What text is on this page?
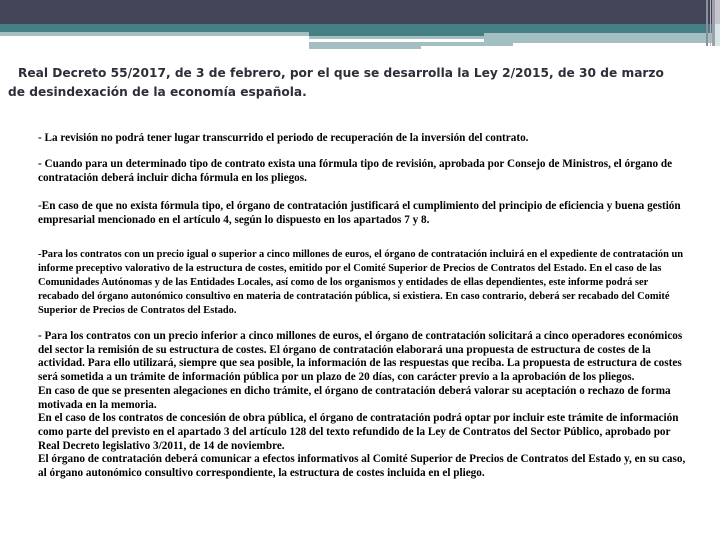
Real Decreto 55/2017, de 3 de febrero, por el que se desarrolla la Ley 2/2015, de 30 de marzo
de desindexación de la economía española.
- La revisión no podrá tener lugar transcurrido el periodo de recuperación de la inversión del contrato.
- Cuando para un determinado tipo de contrato exista una fórmula tipo de revisión, aprobada por Consejo de Ministros, el órgano de contratación deberá incluir dicha fórmula en los pliegos.
-En caso de que no exista fórmula tipo, el órgano de contratación justificará el cumplimiento del principio de eficiencia y buena gestión empresarial mencionado en el artículo 4, según lo dispuesto en los apartados 7 y 8.
-Para los contratos con un precio igual o superior a cinco millones de euros, el órgano de contratación incluirá en el expediente de contratación un informe preceptivo valorativo de la estructura de costes, emitido por el Comité Superior de Precios de Contratos del Estado. En el caso de las Comunidades Autónomas y de las Entidades Locales, así como de los organismos y entidades de ellas dependientes, este informe podrá ser recabado del órgano autonómico consultivo en materia de contratación pública, si existiera. En caso contrario, deberá ser recabado del Comité Superior de Precios de Contratos del Estado.
- Para los contratos con un precio inferior a cinco millones de euros, el órgano de contratación solicitará a cinco operadores económicos del sector la remisión de su estructura de costes. El órgano de contratación elaborará una propuesta de estructura de costes de la actividad. Para ello utilizará, siempre que sea posible, la información de las respuestas que reciba. La propuesta de estructura de costes será sometida a un trámite de información pública por un plazo de 20 días, con carácter previo a la aprobación de los pliegos.
En caso de que se presenten alegaciones en dicho trámite, el órgano de contratación deberá valorar su aceptación o rechazo de forma motivada en la memoria.
En el caso de los contratos de concesión de obra pública, el órgano de contratación podrá optar por incluir este trámite de información como parte del previsto en el apartado 3 del artículo 128 del texto refundido de la Ley de Contratos del Sector Público, aprobado por Real Decreto legislativo 3/2011, de 14 de noviembre.
El órgano de contratación deberá comunicar a efectos informativos al Comité Superior de Precios de Contratos del Estado y, en su caso, al órgano autonómico consultivo correspondiente, la estructura de costes incluida en el pliego.
